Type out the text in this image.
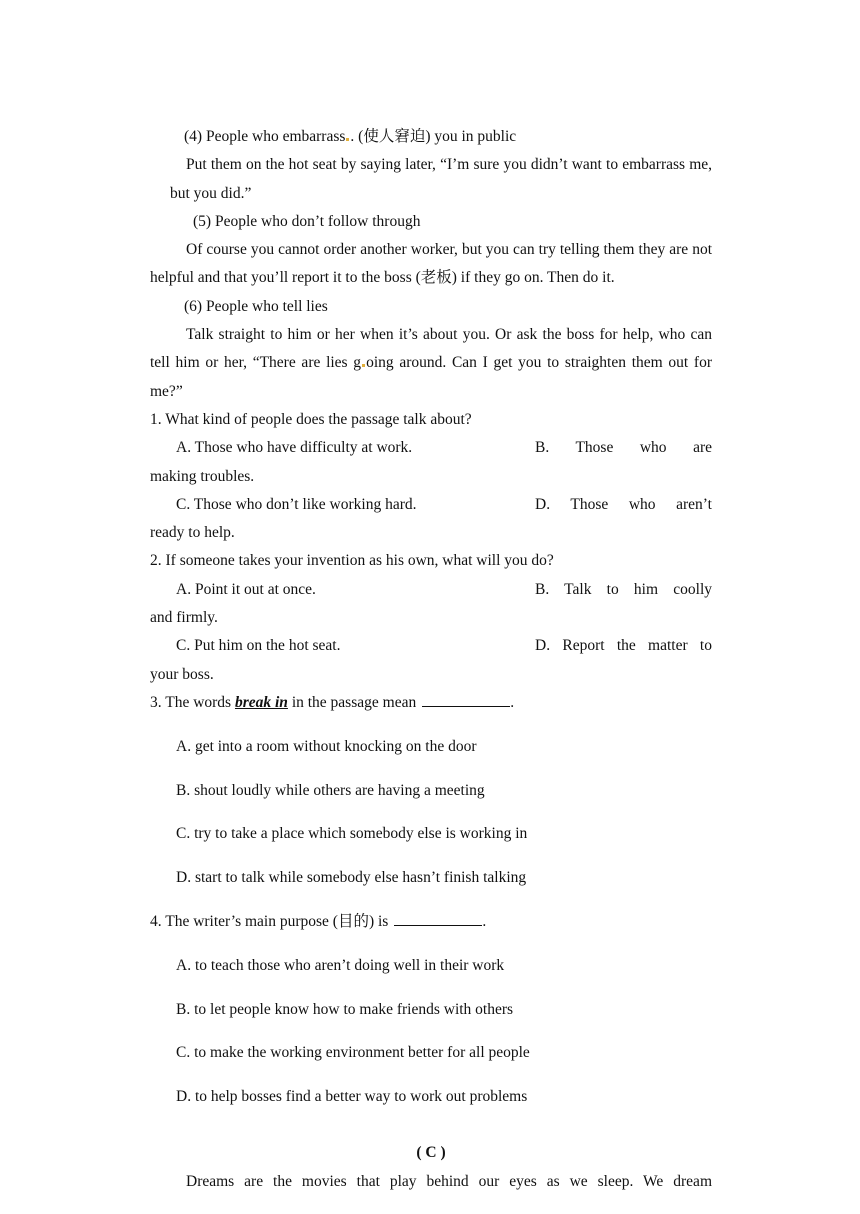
(4) People who embarrass . (使人窘迫) you in public

Put them on the hot seat by saying later, “I’m sure you didn’t want to embarrass me, but you did.”

(5) People who don’t follow through

Of course you cannot order another worker, but you can try telling them they are not helpful and that you’ll report it to the boss (老板) if they go on. Then do it.

(6) People who tell lies

Talk straight to him or her when it’s about you. Or ask the boss for help, who can tell him or her, “There are lies g oing around. Can I get you to straighten them out for me?”

1. What kind of people does the passage talk about?

A. Those who have difficulty at work.	B. Those who are

making troubles.

C. Those who don’t like working hard.	D. Those who aren’t

ready to help.

2. If someone takes your invention as his own, what will you do?

A. Point it out at once.	B. Talk to him coolly

and firmly.

C. Put him on the hot seat.	D. Report the matter to

your boss.

3. The words break in in the passage mean	.

A. get into a room without knocking on the door

B. shout loudly while others are having a meeting

C. try to take a place which somebody else is working in

D. start to talk while somebody else hasn’t finish talking

4. The writer’s main purpose (目的) is	.

A. to teach those who aren’t doing well in their work

B. to let people know how to make friends with others

C. to make the working environment better for all people

D. to help bosses find a better way to work out problems

( C )

Dreams are the movies that play behind our eyes as we sleep. We dream
